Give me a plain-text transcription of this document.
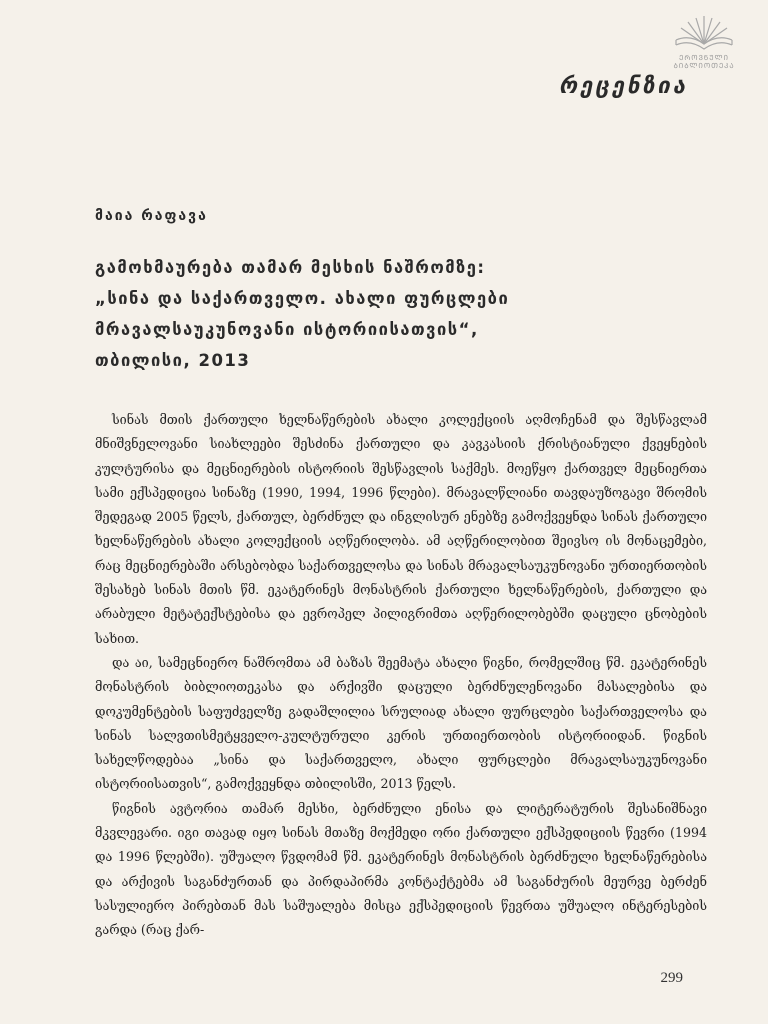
ᲔᲠᲝᲕᲜᲣᲚᲘ
ᲑᲘᲑᲚᲘᲝᲗᲔᲙᲐ
რეცენზია
მაია რაფავა
გამოხმაურება თამარ მესხის ნაშრომზე:
„სინა და საქართველო. ახალი ფურცლები
მრავალსაუკუნოვანი ისტორიისათვის“,
თბილისი, 2013

სინას მთის ქართული ხელნაწერების ახალი კოლექციის აღმოჩენამ და შესწავლამ მნიშვნელოვანი სიახლეები შესძინა ქართული და კავკასიის ქრისტიანული ქვეყნების კულტურისა და მეცნიერების ისტორიის შესწავლის საქმეს. მოეწყო ქართველ მეცნიერთა სამი ექსპედიცია სინაზე (1990, 1994, 1996 წლები). მრავალწლიანი თავდაუზოგავი შრომის შედეგად 2005 წელს, ქართულ, ბერძნულ და ინგლისურ ენებზე გამოქვეყნდა სინას ქართული ხელნაწერების ახალი კოლექციის აღწერილობა. ამ აღწერილობით შეივსო ის მონაცემები, რაც მეცნიერებაში არსებობდა საქართველოსა და სინას მრავალსაუკუნოვანი ურთიერთობის შესახებ სინას მთის წმ. ეკატერინეს მონასტრის ქართული ხელნაწერების, ქართული და არაბული მეტატექსტებისა და ევროპელ პილიგრიმთა აღწერილობებში დაცული ცნობების სახით.

და აი, სამეცნიერო ნაშრომთა ამ ბაზას შეემატა ახალი წიგნი, რომელშიც წმ. ეკატერინეს მონასტრის ბიბლიოთეკასა და არქივში დაცული ბერძნულენოვანი მასალებისა და დოკუმენტების საფუძველზე გადაშლილია სრულიად ახალი ფურცლები საქართველოსა და სინას სალვთისმეტყველო-კულტურული კერის ურთიერთობის ისტორიიდან. წიგნის სახელწოდებაა „სინა და საქართველო, ახალი ფურცლები მრავალსაუკუნოვანი ისტორიისათვის“, გამოქვეყნდა თბილისში, 2013 წელს.

წიგნის ავტორია თამარ მესხი, ბერძნული ენისა და ლიტერატურის შესანიშნავი მკვლევარი. იგი თავად იყო სინას მთაზე მოქმედი ორი ქართული ექსპედიციის წევრი (1994 და 1996 წლებში). უშუალო წვდომამ წმ. ეკატერინეს მონასტრის ბერძნული ხელნაწერებისა და არქივის საგანძურთან და პირდაპირმა კონტაქტებმა ამ საგანძურის მეურვე ბერძენ სასულიერო პირებთან მას საშუალება მისცა ექსპედიციის წევრთა უშუალო ინტერესების გარდა (რაც ქარ-

299
